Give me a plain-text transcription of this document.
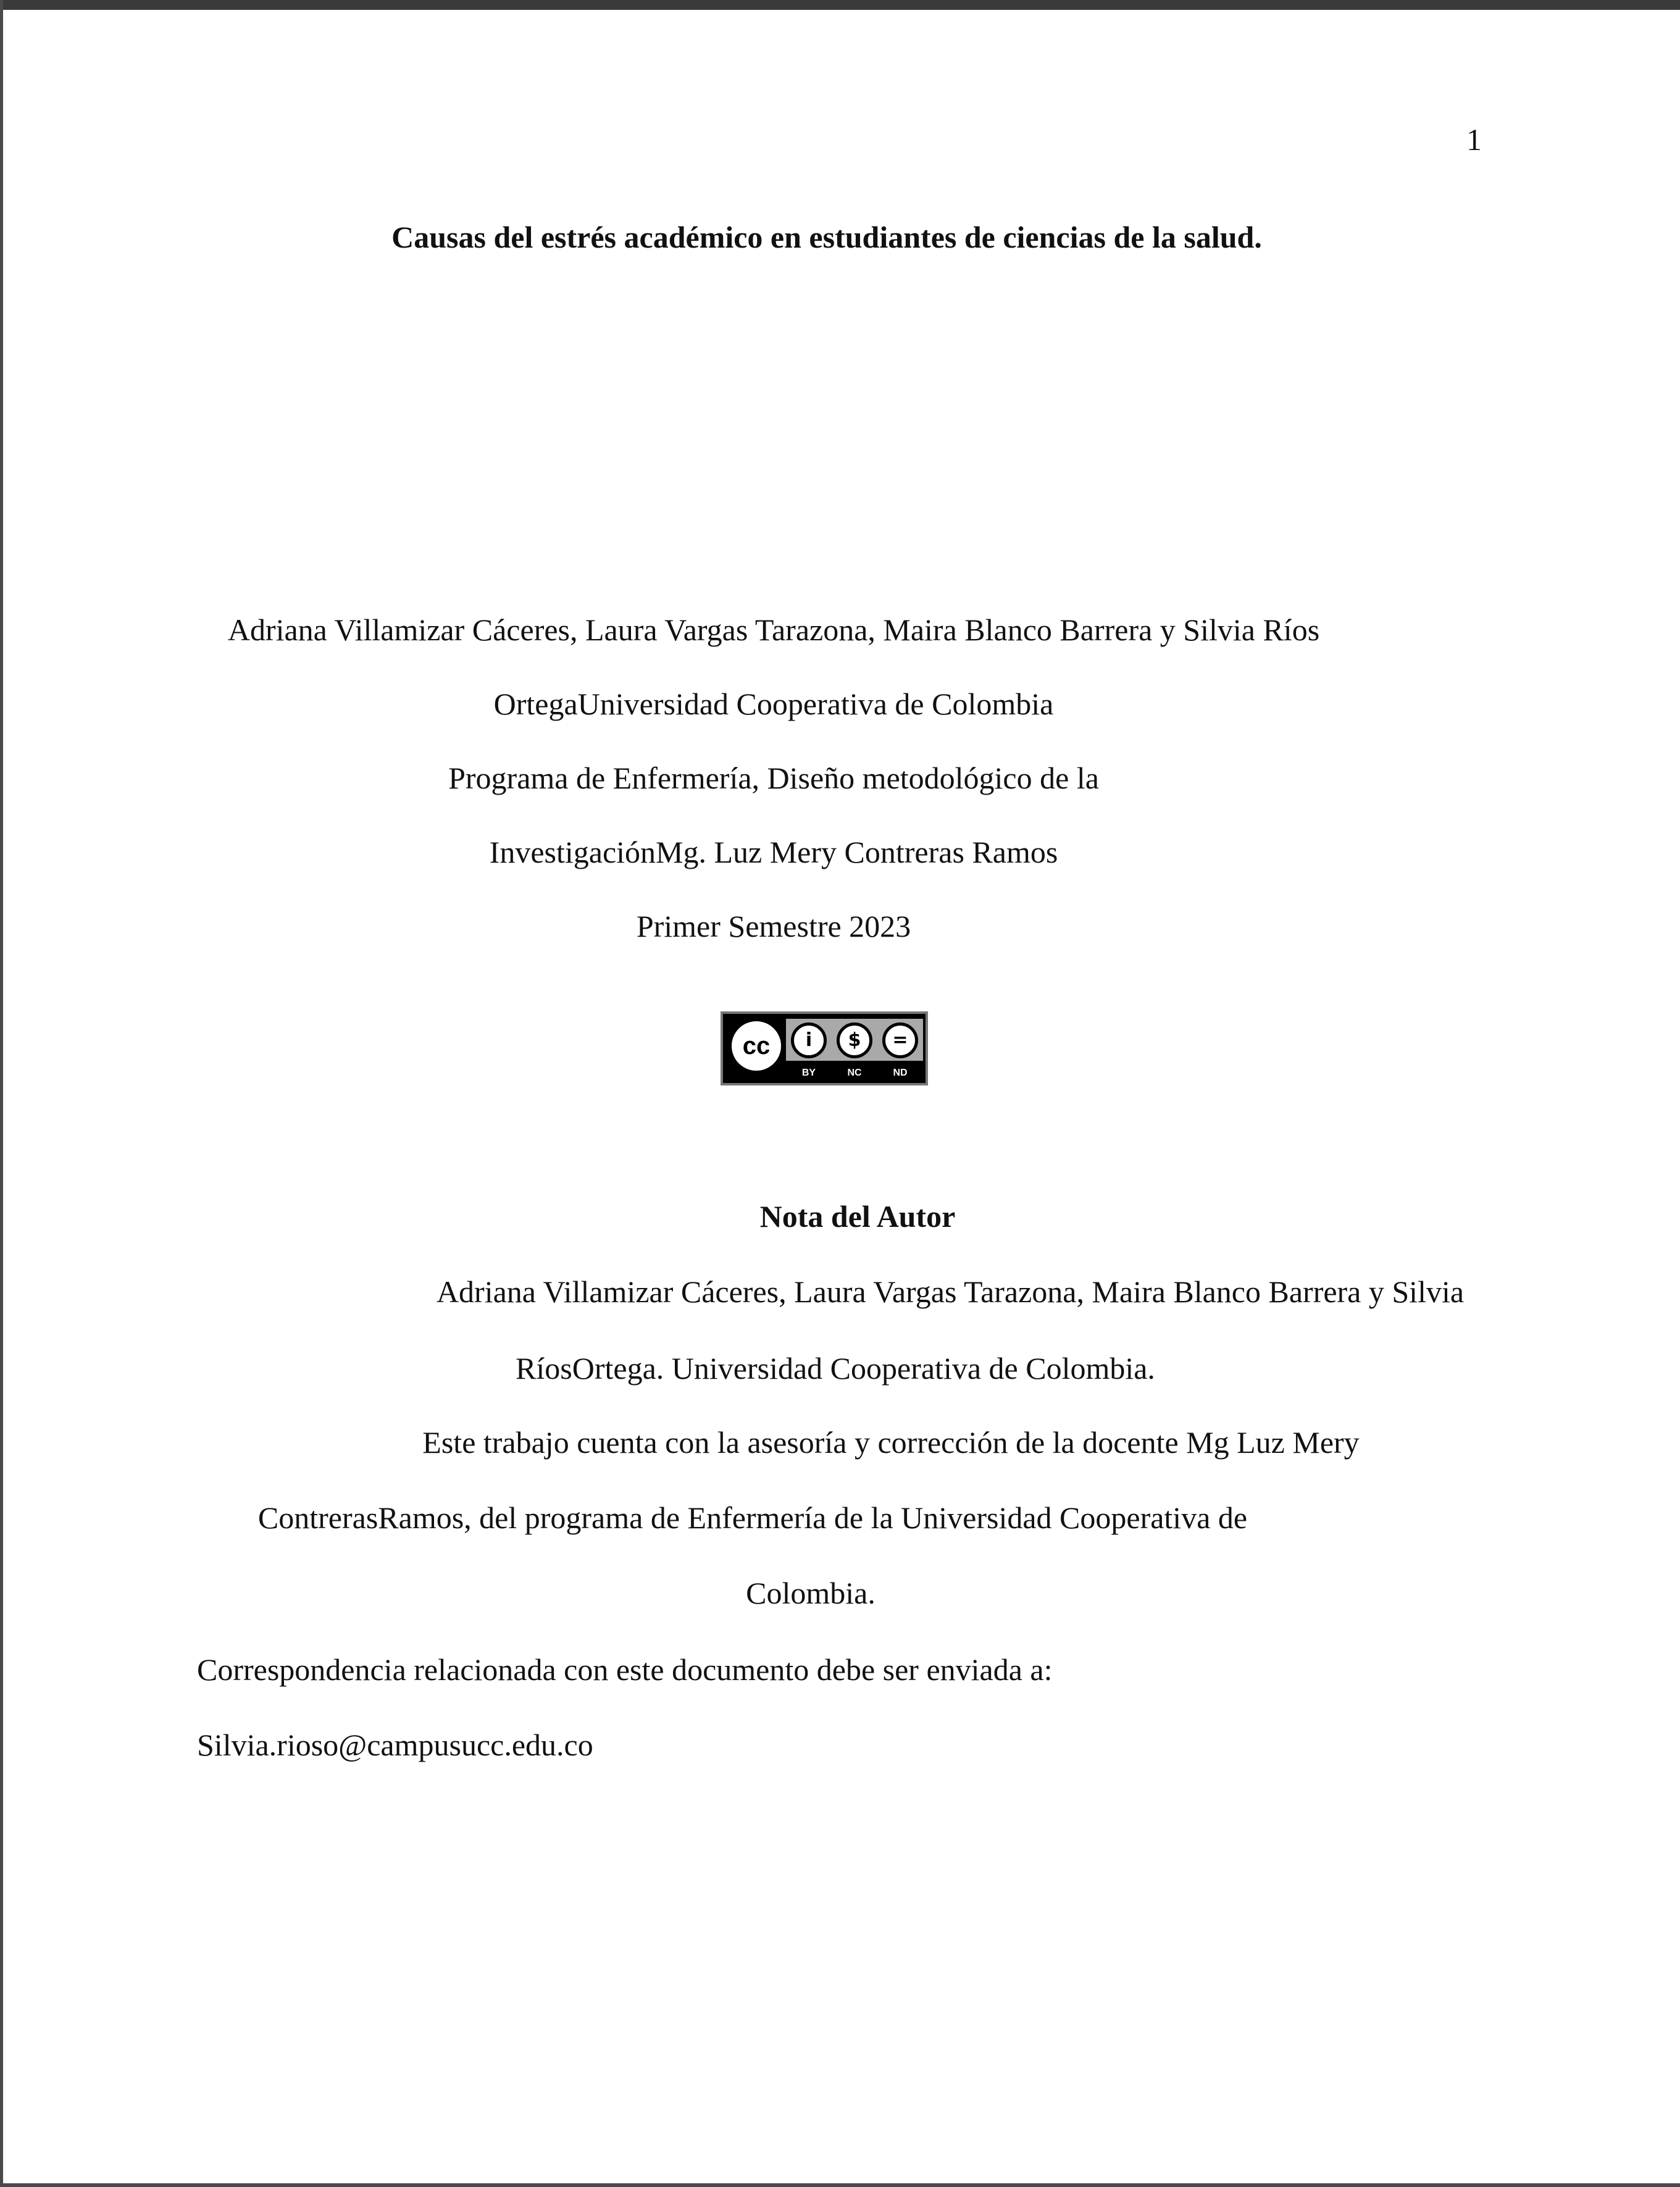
1
Causas del estrés académico en estudiantes de ciencias de la salud.
Adriana Villamizar Cáceres, Laura Vargas Tarazona, Maira Blanco Barrera y Silvia Ríos
OrtegaUniversidad Cooperativa de Colombia
Programa de Enfermería, Diseño metodológico de la
InvestigaciónMg. Luz Mery Contreras Ramos
Primer Semestre 2023
cc	i	$	=
BY	NC	ND
Nota del Autor
Adriana Villamizar Cáceres, Laura Vargas Tarazona, Maira Blanco Barrera y Silvia
RíosOrtega. Universidad Cooperativa de Colombia.
Este trabajo cuenta con la asesoría y corrección de la docente Mg Luz Mery
ContrerasRamos, del programa de Enfermería de la Universidad Cooperativa de
Colombia.
Correspondencia relacionada con este documento debe ser enviada a:
Silvia.rioso@campusucc.edu.co
